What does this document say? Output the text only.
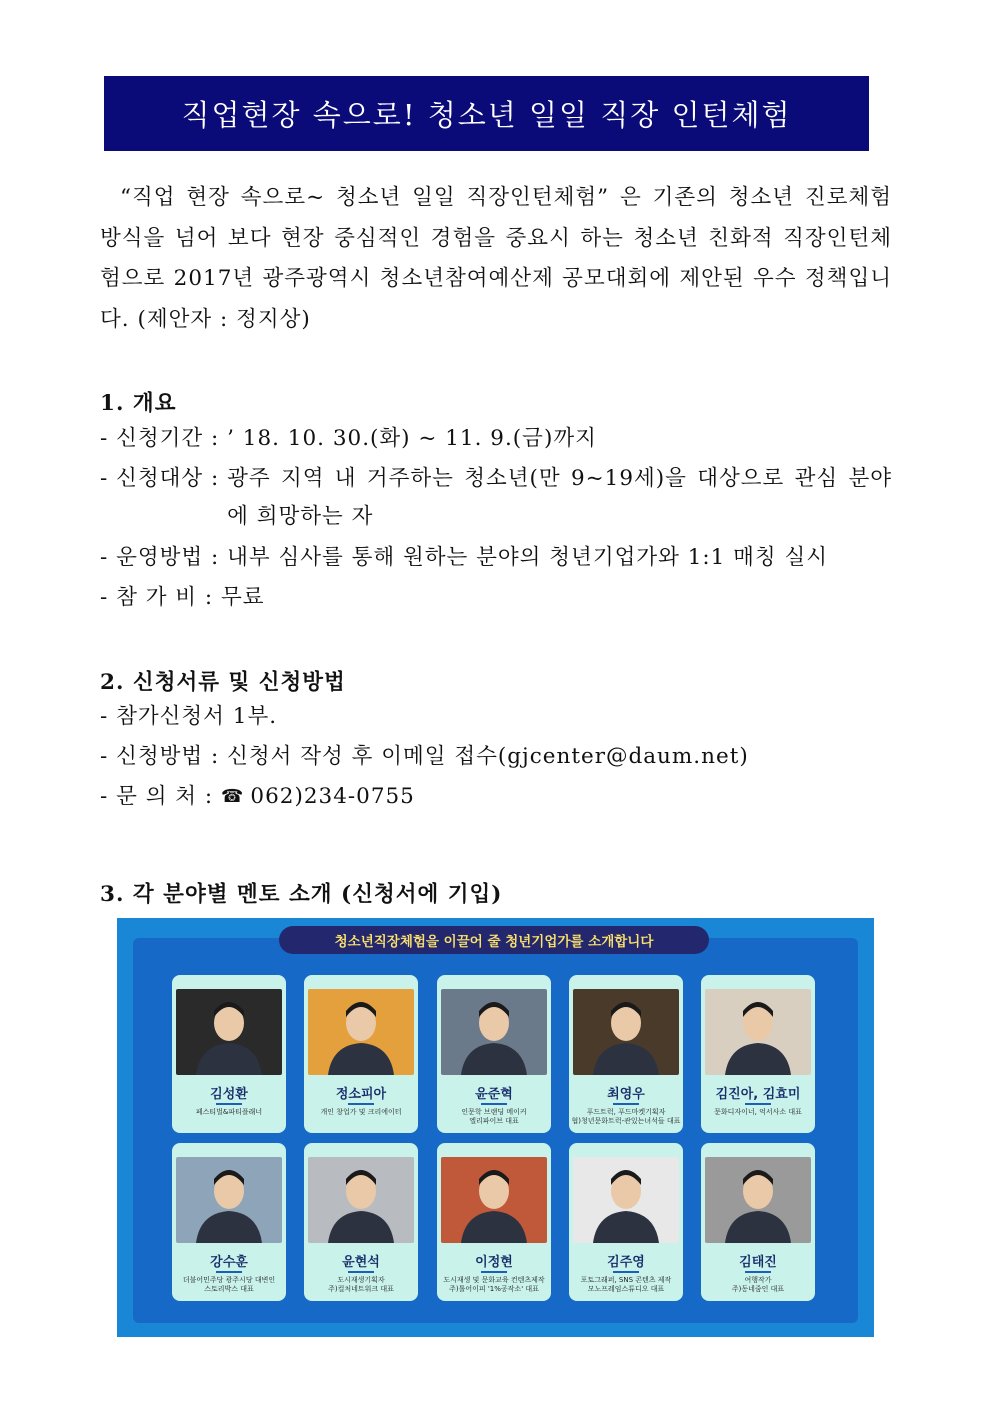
직업현장 속으로! 청소년 일일 직장 인턴체험

“직업 현장 속으로~ 청소년 일일 직장인턴체험” 은 기존의 청소년 진로체험 방식을 넘어 보다 현장 중심적인 경험을 중요시 하는 청소년 친화적 직장인턴체험으로 2017년 광주광역시 청소년참여예산제 공모대회에 제안된 우수 정책입니다. (제안자 : 정지상)

1. 개요
- 신청기간 : ’ 18. 10. 30.(화) ~ 11. 9.(금)까지
- 신청대상 : 광주 지역 내 거주하는 청소년(만 9~19세)을 대상으로 관심 분야에 희망하는 자
- 운영방법 : 내부 심사를 통해 원하는 분야의 청년기업가와 1:1 매칭 실시
- 참 가 비 : 무료
2. 신청서류 및 신청방법
- 참가신청서 1부.
- 신청방법 : 신청서 작성 후 이메일 접수(gjcenter@daum.net)
- 문 의 처 : ☎ 062)234-0755
3. 각 분야별 멘토 소개 (신청서에 기입)
청소년직장체험을 이끌어 줄 청년기업가를 소개합니다
김성환
페스티벌&파티플래너
정소피아
개인 창업가 및 크리에이터
윤준혁
인문학 브랜딩 메이커
엘리파이브 대표
최영우
푸드트럭, 푸드마켓기획자
협)청년문화트럭-관있는녀석들 대표
김진아, 김효미
문화디자이너, 억서사소 대표
강수훈
더불어민주당 광주시당 대변인
스토리박스 대표
윤현석
도시재생기획자
주)컬처네트워크 대표
이정현
도시재생 및 문화교육 컨텐츠제작
주)톨어이피 '1%공작소' 대표
김주영
포토그래퍼, SNS 콘텐츠 제작
모노프레임스튜디오 대표
김태진
여행작가
주)동네줌인 대표
